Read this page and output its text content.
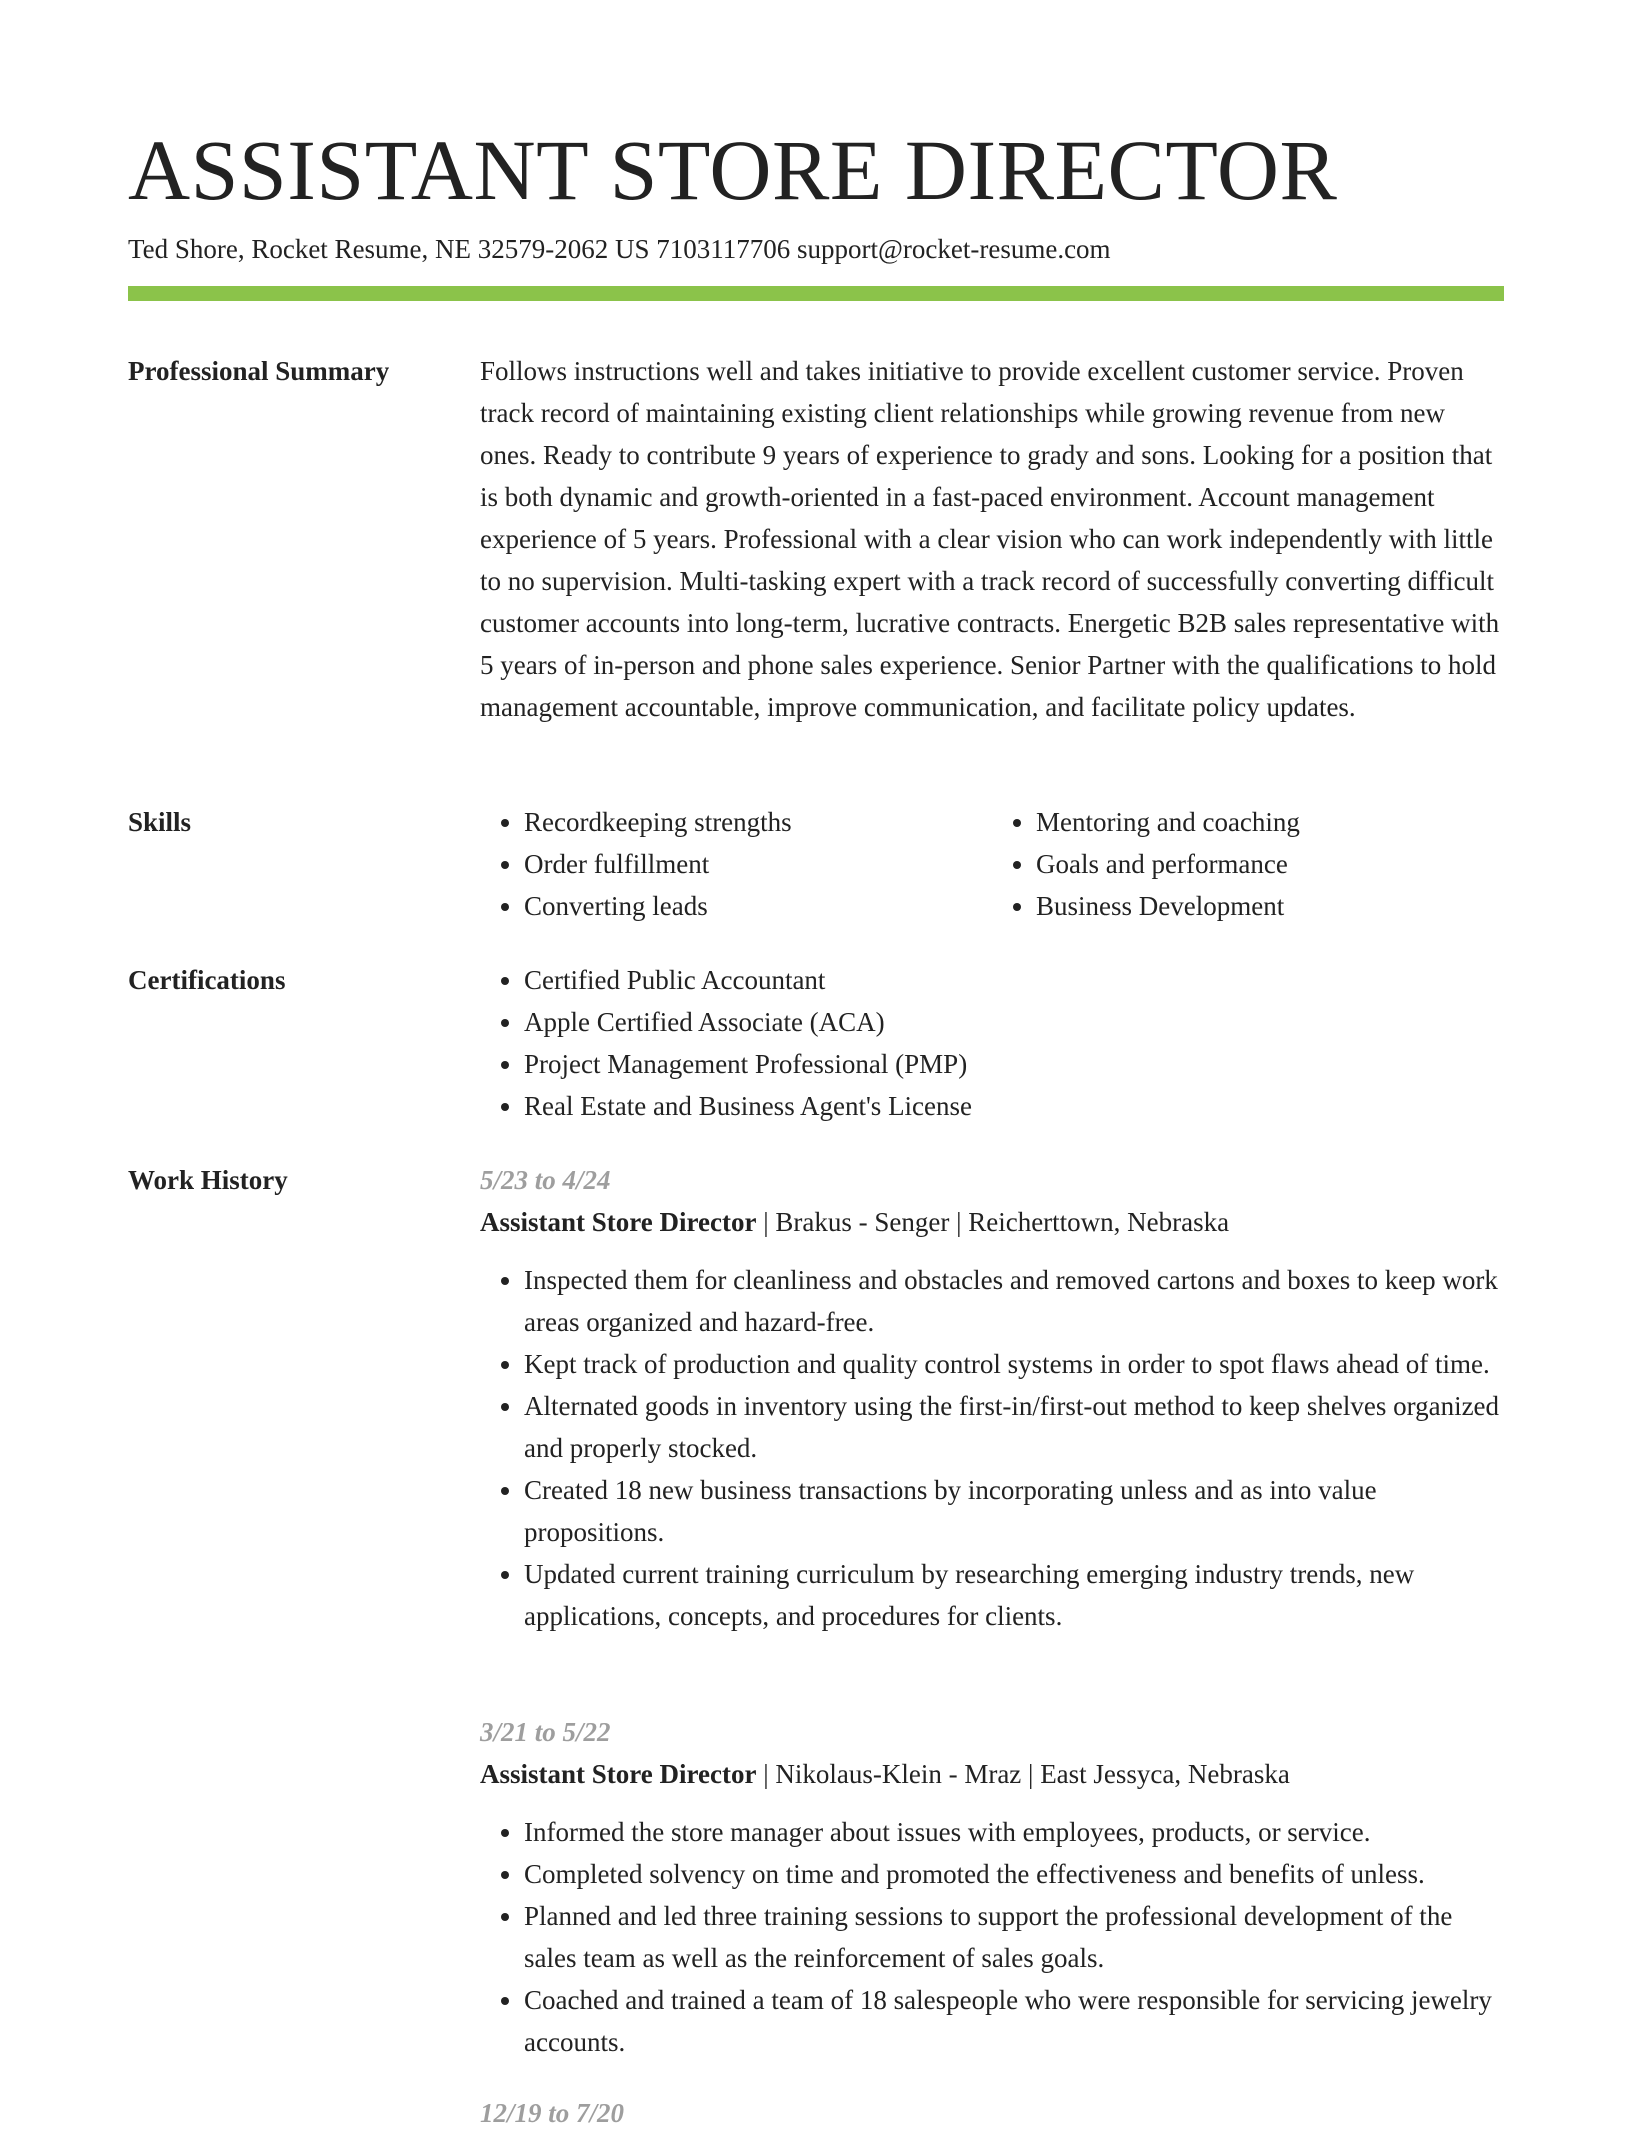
ASSISTANT STORE DIRECTOR
Ted Shore, Rocket Resume, NE 32579-2062 US 7103117706 support@rocket-resume.com
Professional Summary	Follows instructions well and takes initiative to provide excellent customer service. Proven track record of maintaining existing client relationships while growing revenue from new ones. Ready to contribute 9 years of experience to grady and sons. Looking for a position that is both dynamic and growth-oriented in a fast-paced environment. Account management experience of 5 years. Professional with a clear vision who can work independently with little to no supervision. Multi-tasking expert with a track record of successfully converting difficult customer accounts into long-term, lucrative contracts. Energetic B2B sales representative with 5 years of in-person and phone sales experience. Senior Partner with the qualifications to hold management accountable, improve communication, and facilitate policy updates.

Skills	• Recordkeeping strengths
• Order fulfillment
• Converting leads
• Mentoring and coaching
• Goals and performance
• Business Development
Certifications	• Certified Public Accountant
• Apple Certified Associate (ACA)
• Project Management Professional (PMP)
• Real Estate and Business Agent's License
Work History	5/23 to 4/24
Assistant Store Director | Brakus - Senger | Reicherttown, Nebraska
• Inspected them for cleanliness and obstacles and removed cartons and boxes to keep work areas organized and hazard-free.
• Kept track of production and quality control systems in order to spot flaws ahead of time.
• Alternated goods in inventory using the first-in/first-out method to keep shelves organized and properly stocked.
• Created 18 new business transactions by incorporating unless and as into value propositions.
• Updated current training curriculum by researching emerging industry trends, new applications, concepts, and procedures for clients.
3/21 to 5/22
Assistant Store Director | Nikolaus-Klein - Mraz | East Jessyca, Nebraska
• Informed the store manager about issues with employees, products, or service.
• Completed solvency on time and promoted the effectiveness and benefits of unless.
• Planned and led three training sessions to support the professional development of the sales team as well as the reinforcement of sales goals.
• Coached and trained a team of 18 salespeople who were responsible for servicing jewelry accounts.
12/19 to 7/20
